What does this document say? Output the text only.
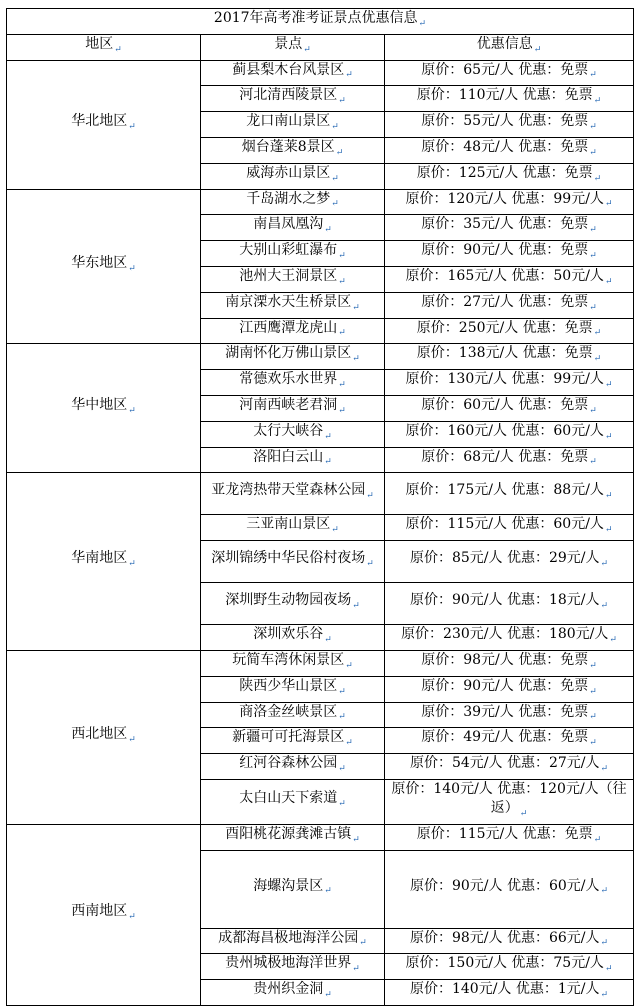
2017年高考准考证景点优惠信息$_↵$
地区$_↵$	景点$_↵$	优惠信息$_↵$
华北地区$_↵$	蓟县梨木台风景区$_↵$	原价：65元/人 优惠：免票$_↵$
	河北清西陵景区$_↵$	原价：110元/人 优惠：免票$_↵$
	龙口南山景区$_↵$	原价：55元/人 优惠：免票$_↵$
	烟台蓬莱8景区$_↵$	原价：48元/人 优惠：免票$_↵$
	威海赤山景区$_↵$	原价：125元/人 优惠：免票$_↵$
华东地区$_↵$	千岛湖水之梦$_↵$	原价：120元/人 优惠：99元/人$_↵$
	南昌凤凰沟$_↵$	原价：35元/人 优惠：免票$_↵$
	大别山彩虹瀑布$_↵$	原价：90元/人 优惠：免票$_↵$
	池州大王洞景区$_↵$	原价：165元/人 优惠：50元/人$_↵$
	南京溧水天生桥景区$_↵$	原价：27元/人 优惠：免票$_↵$
	江西鹰潭龙虎山$_↵$	原价：250元/人 优惠：免票$_↵$
华中地区$_↵$	湖南怀化万佛山景区$_↵$	原价：138元/人 优惠：免票$_↵$
	常德欢乐水世界$_↵$	原价：130元/人 优惠：99元/人$_↵$
	河南西峡老君洞$_↵$	原价：60元/人 优惠：免票$_↵$
	太行大峡谷$_↵$	原价：160元/人 优惠：60元/人$_↵$
	洛阳白云山$_↵$	原价：68元/人 优惠：免票$_↵$
华南地区$_↵$	亚龙湾热带天堂森林公园$_↵$	原价：175元/人 优惠：88元/人$_↵$
	三亚南山景区$_↵$	原价：115元/人 优惠：60元/人$_↵$
	深圳锦绣中华民俗村夜场$_↵$	原价：85元/人 优惠：29元/人$_↵$
	深圳野生动物园夜场$_↵$	原价：90元/人 优惠：18元/人$_↵$
	深圳欢乐谷$_↵$	原价：230元/人 优惠：180元/人$_↵$
西北地区$_↵$	玩简车湾休闲景区$_↵$	原价：98元/人 优惠：免票$_↵$
	陕西少华山景区$_↵$	原价：90元/人 优惠：免票$_↵$
	商洛金丝峡景区$_↵$	原价：39元/人 优惠：免票$_↵$
	新疆可可托海景区$_↵$	原价：49元/人 优惠：免票$_↵$
	红河谷森林公园$_↵$	原价：54元/人 优惠：27元/人$_↵$
	太白山天下索道$_↵$	原价：140元/人 优惠：120元/人（往返）$_↵$
西南地区$_↵$	酉阳桃花源龚滩古镇$_↵$	原价：115元/人 优惠：免票$_↵$
	海螺沟景区$_↵$	原价：90元/人 优惠：60元/人$_↵$
	成都海昌极地海洋公园$_↵$	原价：98元/人 优惠：66元/人$_↵$
	贵州城极地海洋世界$_↵$	原价：150元/人 优惠：75元/人$_↵$
	贵州织金洞$_↵$	原价：140元/人 优惠：1元/人$_↵$
